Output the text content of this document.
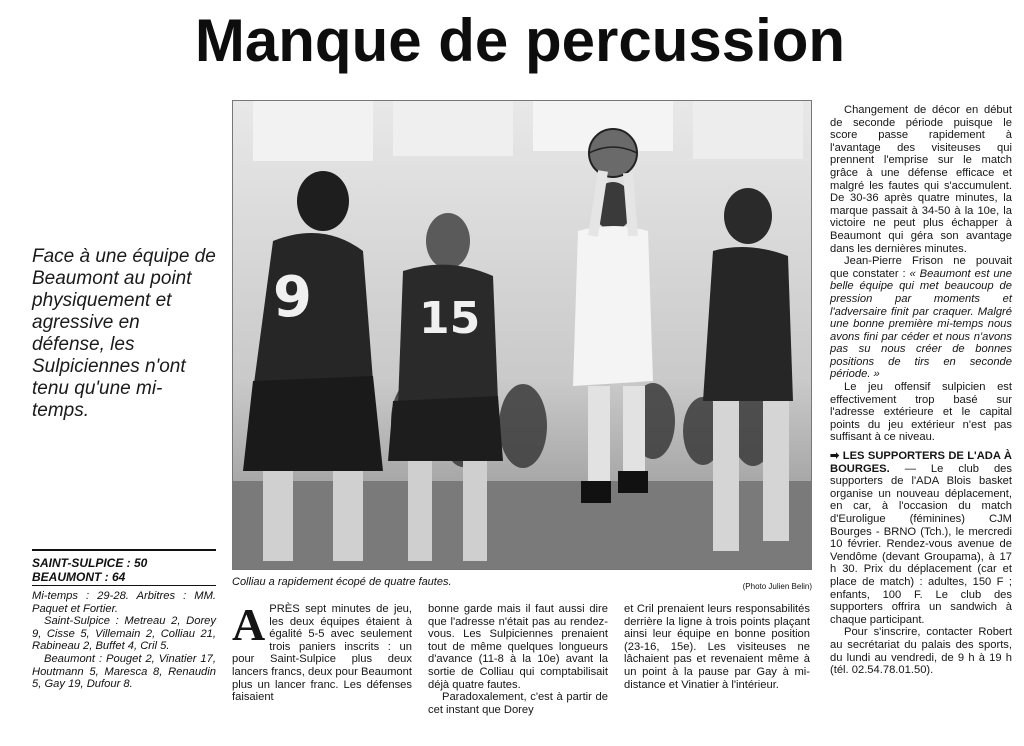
Manque de percussion
Face à une équipe de Beaumont au point physiquement et agressive en défense, les Sulpiciennes n'ont tenu qu'une mi-temps.
9 15
Colliau a rapidement écopé de quatre fautes.	(Photo Julien Belin)
SAINT-SULPICE : 50
BEAUMONT : 64

Mi-temps : 29-28. Arbitres : MM. Paquet et Fortier.

Saint-Sulpice : Metreau 2, Dorey 9, Cisse 5, Villemain 2, Colliau 21, Rabineau 2, Buffet 4, Cril 5.

Beaumont : Pouget 2, Vinatier 17, Houtmann 5, Maresca 8, Renaudin 5, Gay 19, Dufour 8.

A PRÈS sept minutes de jeu, les deux équipes étaient à égalité 5-5 avec seulement trois paniers inscrits : un pour Saint-Sulpice plus deux lancers francs, deux pour Beaumont plus un lancer franc. Les défenses faisaient

bonne garde mais il faut aussi dire que l'adresse n'était pas au rendez-vous. Les Sulpiciennes prenaient tout de même quelques longueurs d'avance (11-8 à la 10e) avant la sortie de Colliau qui comptabilisait déjà quatre fautes.

Paradoxalement, c'est à partir de cet instant que Dorey

et Cril prenaient leurs responsabilités derrière la ligne à trois points plaçant ainsi leur équipe en bonne position (23-16, 15e). Les visiteuses ne lâchaient pas et revenaient même à un point à la pause par Gay à mi-distance et Vinatier à l'intérieur.

Changement de décor en début de seconde période puisque le score passe rapidement à l'avantage des visiteuses qui prennent l'emprise sur le match grâce à une défense efficace et malgré les fautes qui s'accumulent. De 30-36 après quatre minutes, la marque passait à 34-50 à la 10e, la victoire ne peut plus échapper à Beaumont qui géra son avantage dans les dernières minutes.

Jean-Pierre Frison ne pouvait que constater : « Beaumont est une belle équipe qui met beaucoup de pression par moments et l'adversaire finit par craquer. Malgré une bonne première mi-temps nous avons fini par céder et nous n'avons pas su nous créer de bonnes positions de tirs en seconde période. »

Le jeu offensif sulpicien est effectivement trop basé sur l'adresse extérieure et le capital points du jeu extérieur n'est pas suffisant à ce niveau.

➡ LES SUPPORTERS DE L'ADA À BOURGES. — Le club des supporters de l'ADA Blois basket organise un nouveau déplacement, en car, à l'occasion du match d'Euroligue (féminines) CJM Bourges - BRNO (Tch.), le mercredi 10 février. Rendez-vous avenue de Vendôme (devant Groupama), à 17 h 30. Prix du déplacement (car et place de match) : adultes, 150 F ; enfants, 100 F. Le club des supporters offrira un sandwich à chaque participant.

Pour s'inscrire, contacter Robert au secrétariat du palais des sports, du lundi au vendredi, de 9 h à 19 h (tél. 02.54.78.01.50).
